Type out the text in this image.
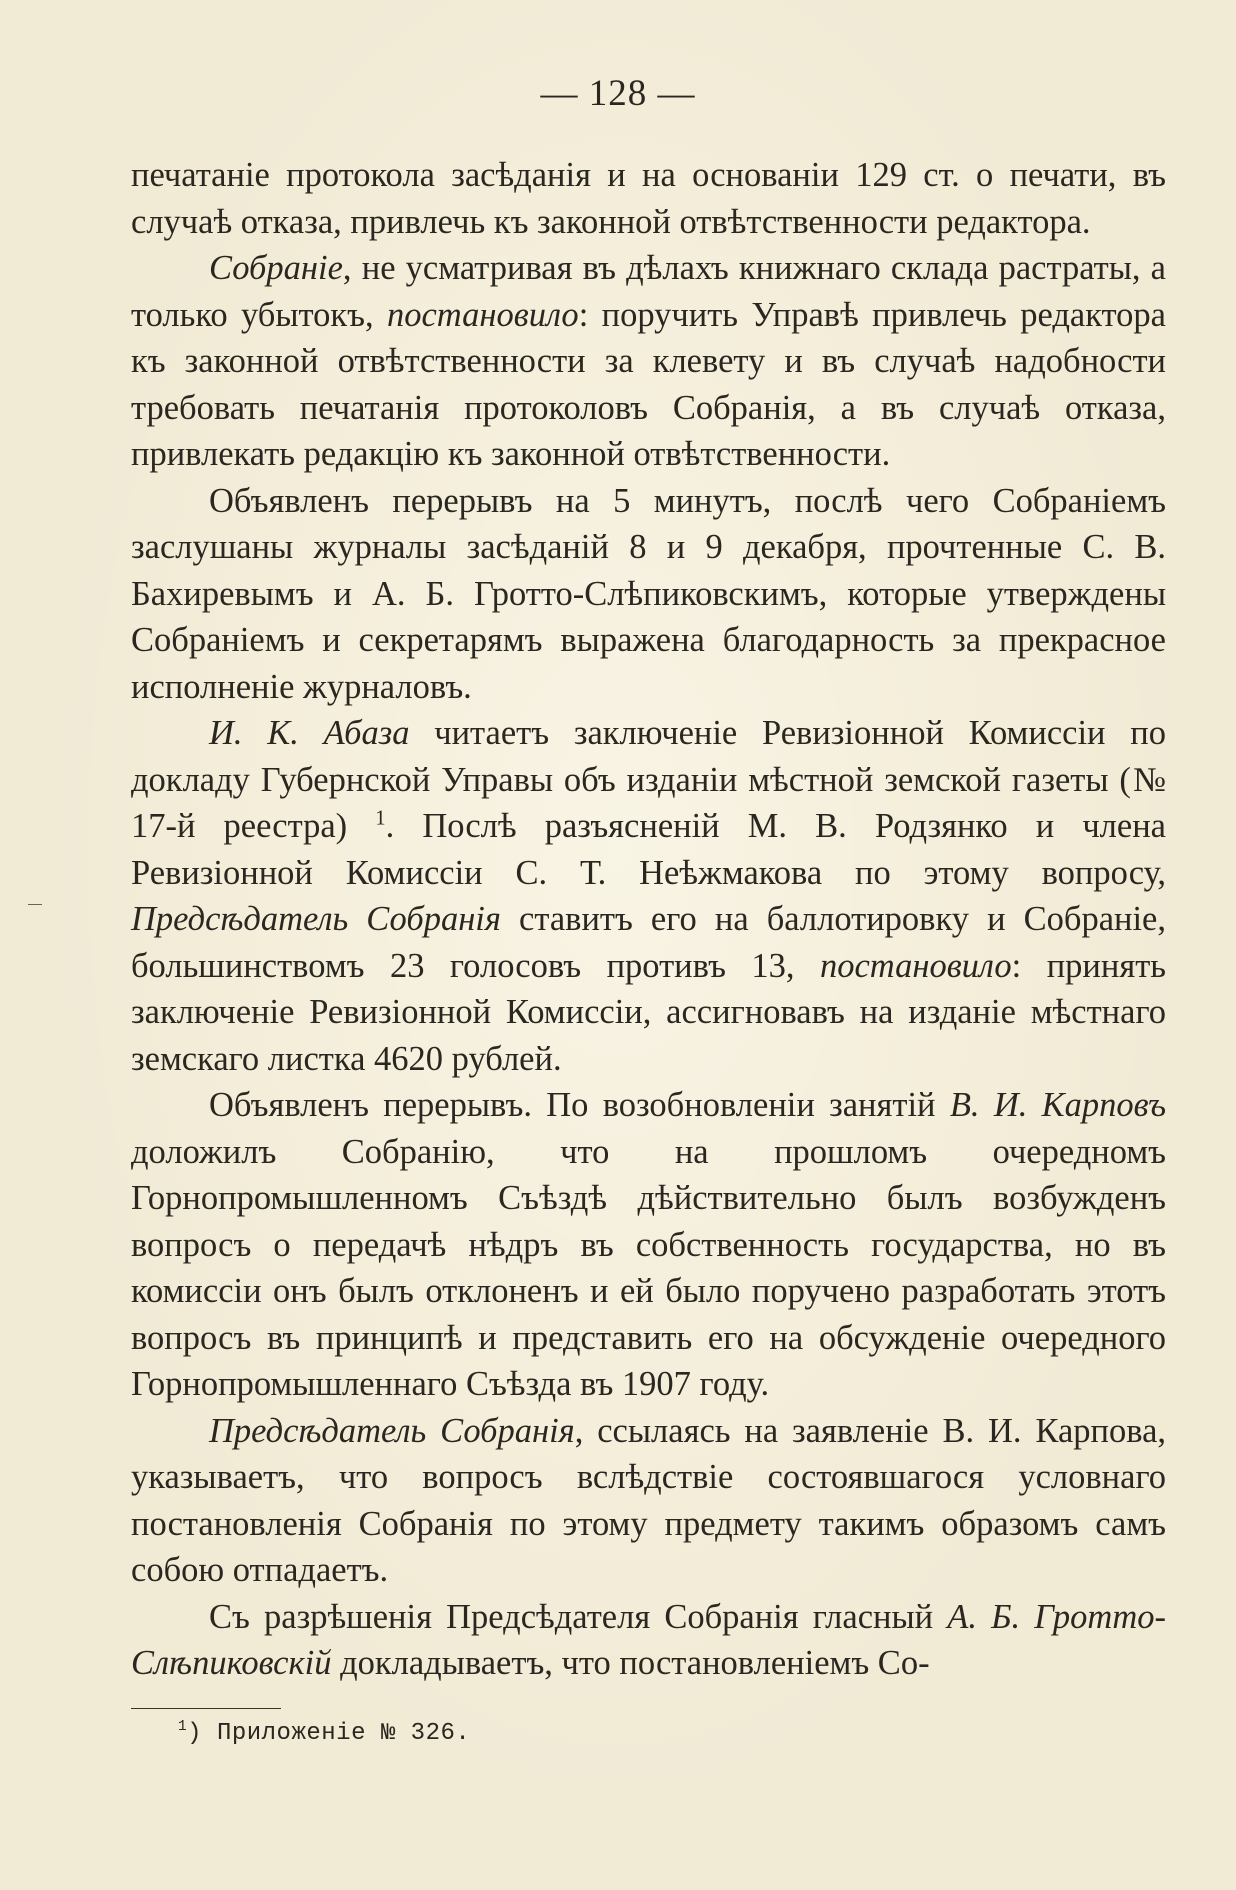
— 128 —

печатаніе протокола засѣданія и на основаніи 129 ст. о печати, въ случаѣ отказа, привлечь къ законной отвѣтственности редактора.

Собраніе, не усматривая въ дѣлахъ книжнаго склада растраты, а только убытокъ, постановило: поручить Управѣ привлечь редактора къ законной отвѣтственности за клевету и въ случаѣ надобности требовать печатанія протоколовъ Собранія, а въ случаѣ отказа, привлекать редакцію къ законной отвѣтственности.

Объявленъ перерывъ на 5 минутъ, послѣ чего Собраніемъ заслушаны журналы засѣданій 8 и 9 декабря, прочтенные С. В. Бахиревымъ и А. Б. Гротто-Слѣпиковскимъ, которые утверждены Собраніемъ и секретарямъ выражена благодарность за прекрасное исполненіе журналовъ.

И. К. Абаза читаетъ заключеніе Ревизіонной Комиссіи по докладу Губернской Управы объ изданіи мѣстной земской газеты (№ 17-й реестра) $^1$. Послѣ разъясненій М. В. Родзянко и члена Ревизіонной Комиссіи С. Т. Неѣжмакова по этому вопросу, Предсѣдатель Собранія ставитъ его на баллотировку и Собраніе, большинствомъ 23 голосовъ противъ 13, постановило: принять заключеніе Ревизіонной Комиссіи, ассигновавъ на изданіе мѣстнаго земскаго листка 4620 рублей.

Объявленъ перерывъ. По возобновленіи занятій В. И. Карповъ доложилъ Собранію, что на прошломъ очередномъ Горнопромышленномъ Съѣздѣ дѣйствительно былъ возбужденъ вопросъ о передачѣ нѣдръ въ собственность государства, но въ комиссіи онъ былъ отклоненъ и ей было поручено разработать этотъ вопросъ въ принципѣ и представить его на обсужденіе очередного Горнопромышленнаго Съѣзда въ 1907 году.

Предсѣдатель Собранія, ссылаясь на заявленіе В. И. Карпова, указываетъ, что вопросъ вслѣдствіе состоявшагося условнаго постановленія Собранія по этому предмету такимъ образомъ самъ собою отпадаетъ.

Съ разрѣшенія Предсѣдателя Собранія гласный А. Б. Гротто-Слѣпиковскій докладываетъ, что постановленіемъ Со-

$^1$) Приложеніе № 326.
